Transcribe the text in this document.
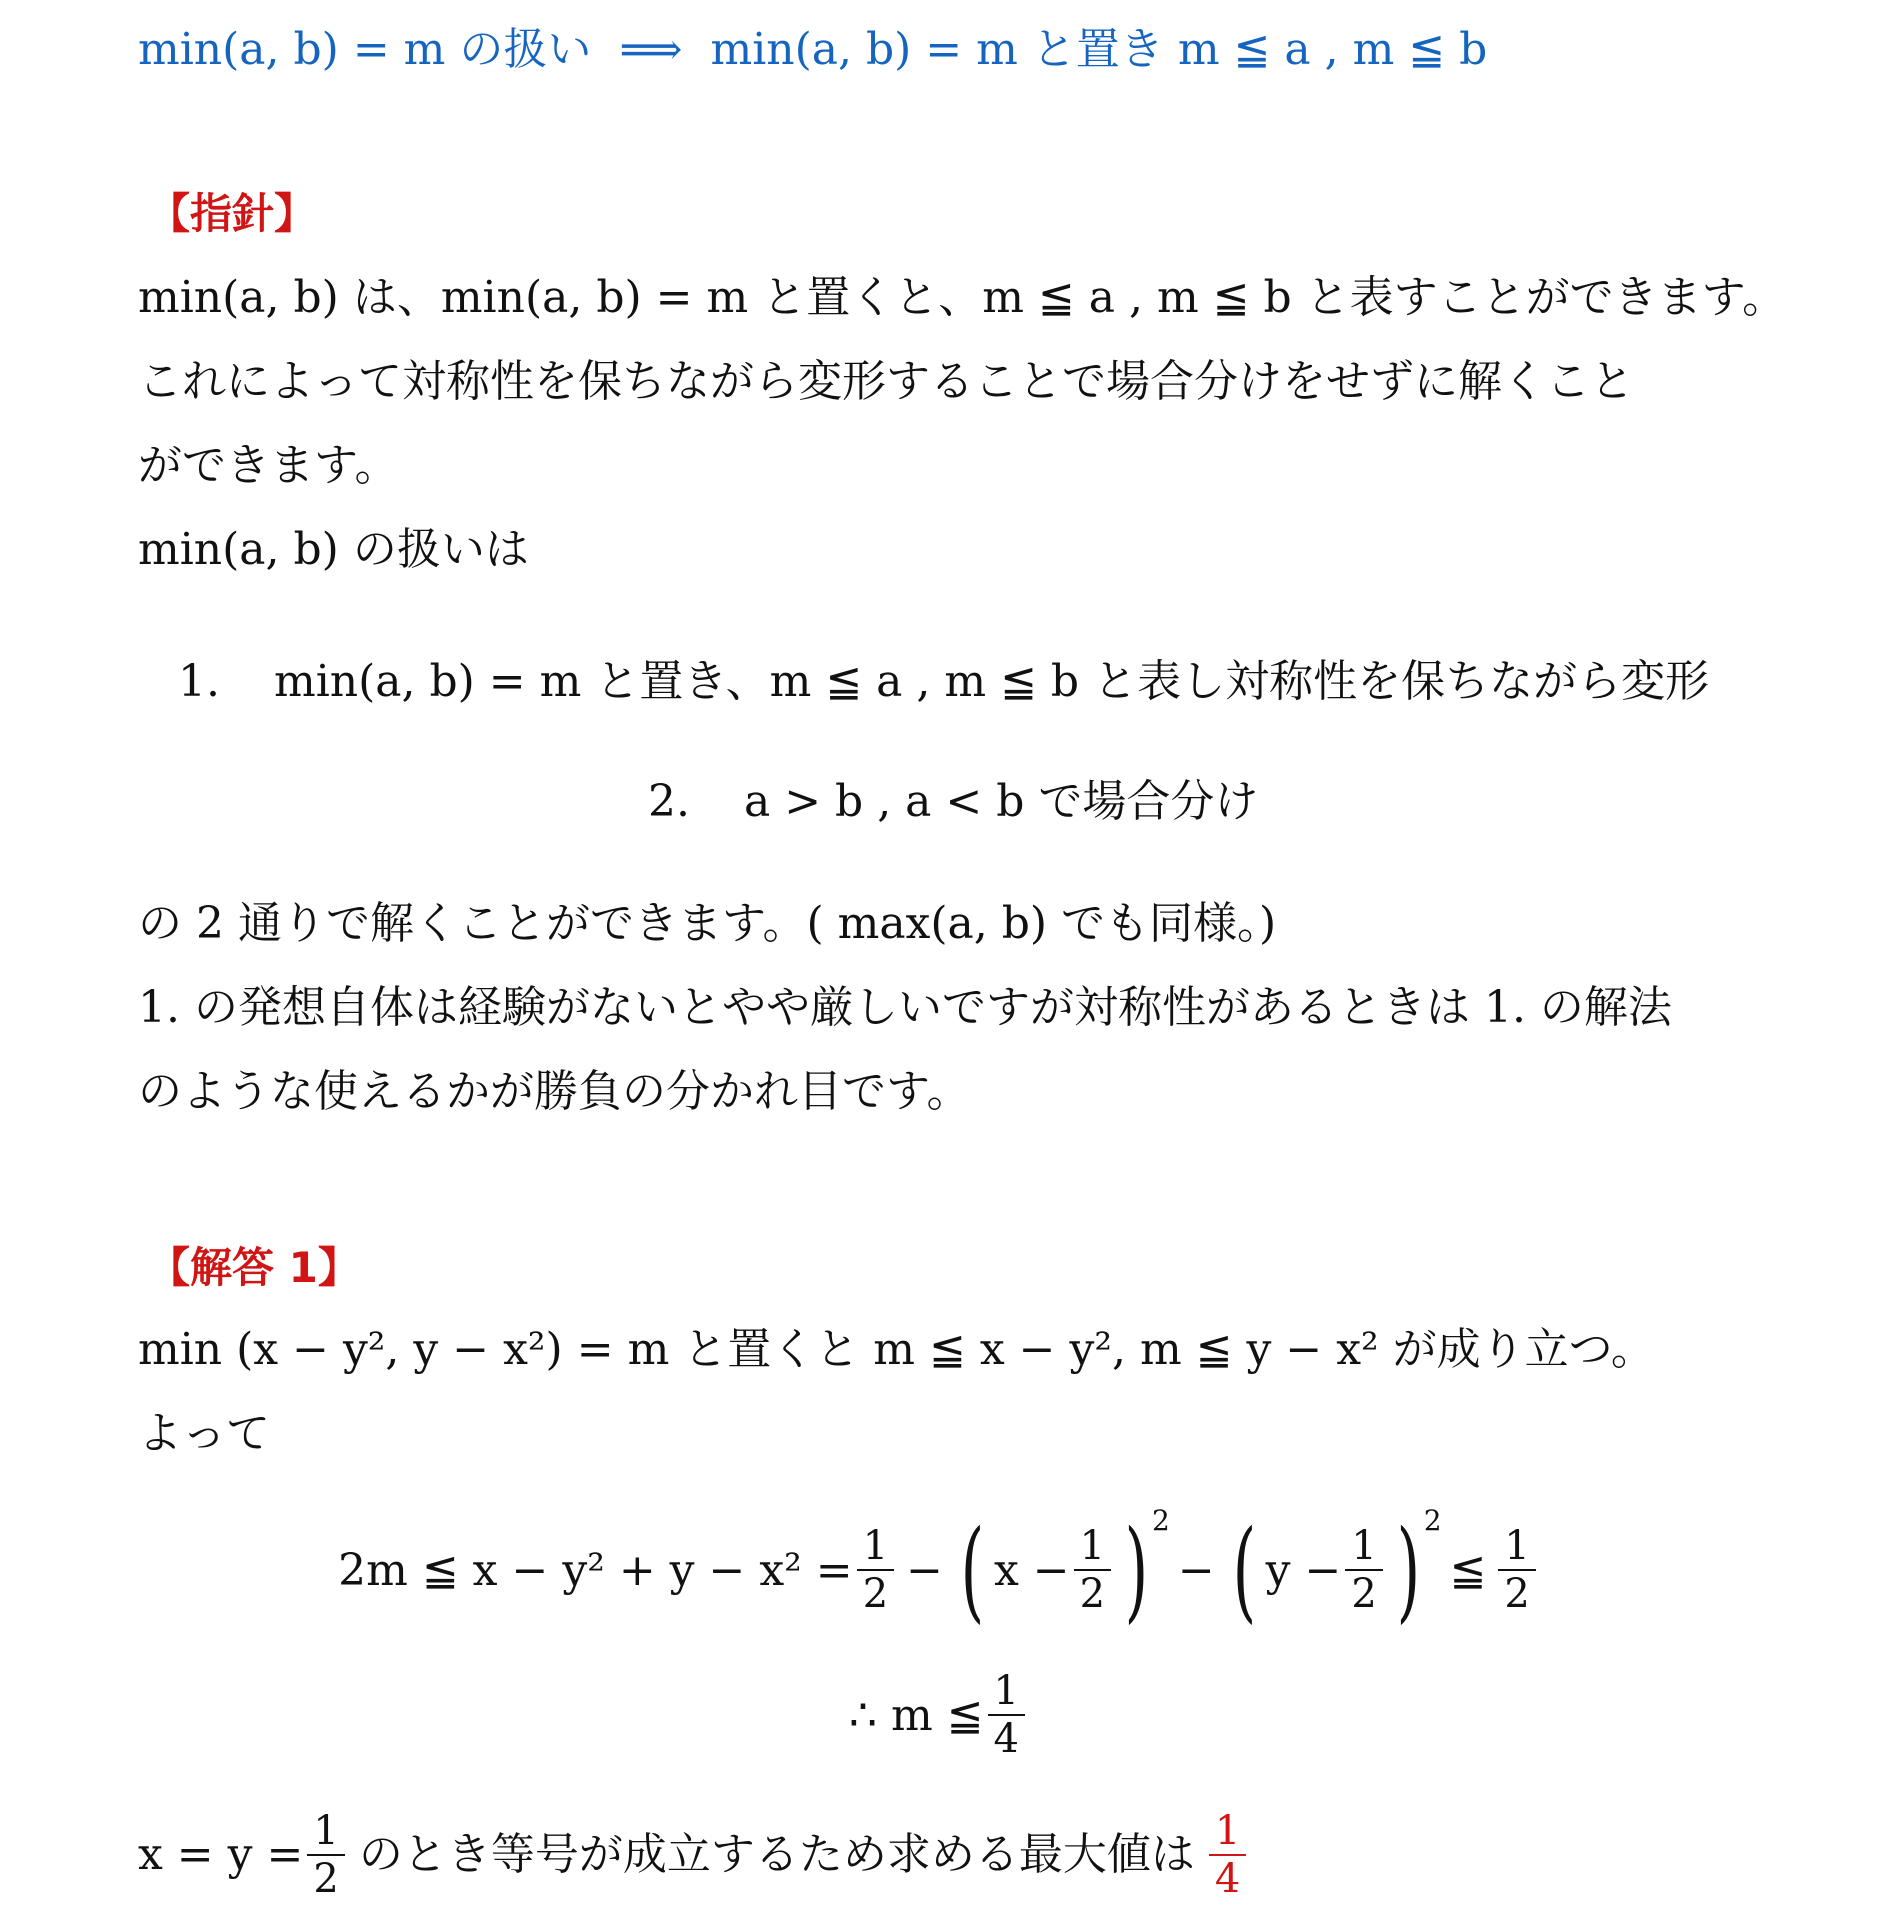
min(a, b) = m の扱い ⟹ min(a, b) = m と置き m ≦ a , m ≦ b
【指針】
min(a, b) は、min(a, b) = m と置くと、m ≦ a , m ≦ b と表すことができます。
これによって対称性を保ちながら変形することで場合分けをせずに解くこと
ができます。
min(a, b) の扱いは
1. min(a, b) = m と置き、m ≦ a , m ≦ b と表し対称性を保ちながら変形
2. a > b , a < b で場合分け
の 2 通りで解くことができます。( max(a, b) でも同様。)
1. の発想自体は経験がないとやや厳しいですが対称性があるときは 1. の解法
のような使えるかが勝負の分かれ目です。
【解答 1】
min (x − y², y − x²) = m と置くと m ≦ x − y², m ≦ y − x² が成り立つ。
よって
2m ≦ $x - y^2 + y - x^2 = \frac{1}{2}$ − ( $x - \frac{1}{2}$ ) 2
− ( $y - \frac{1}{2}$ ) 2
≦ $\frac{1}{2}$
∴ m ≦ $\frac{1}{4}$
$x = y = \frac{1}{2}$ のとき等号が成立するため求める最大値は $\frac{1}{4}$
